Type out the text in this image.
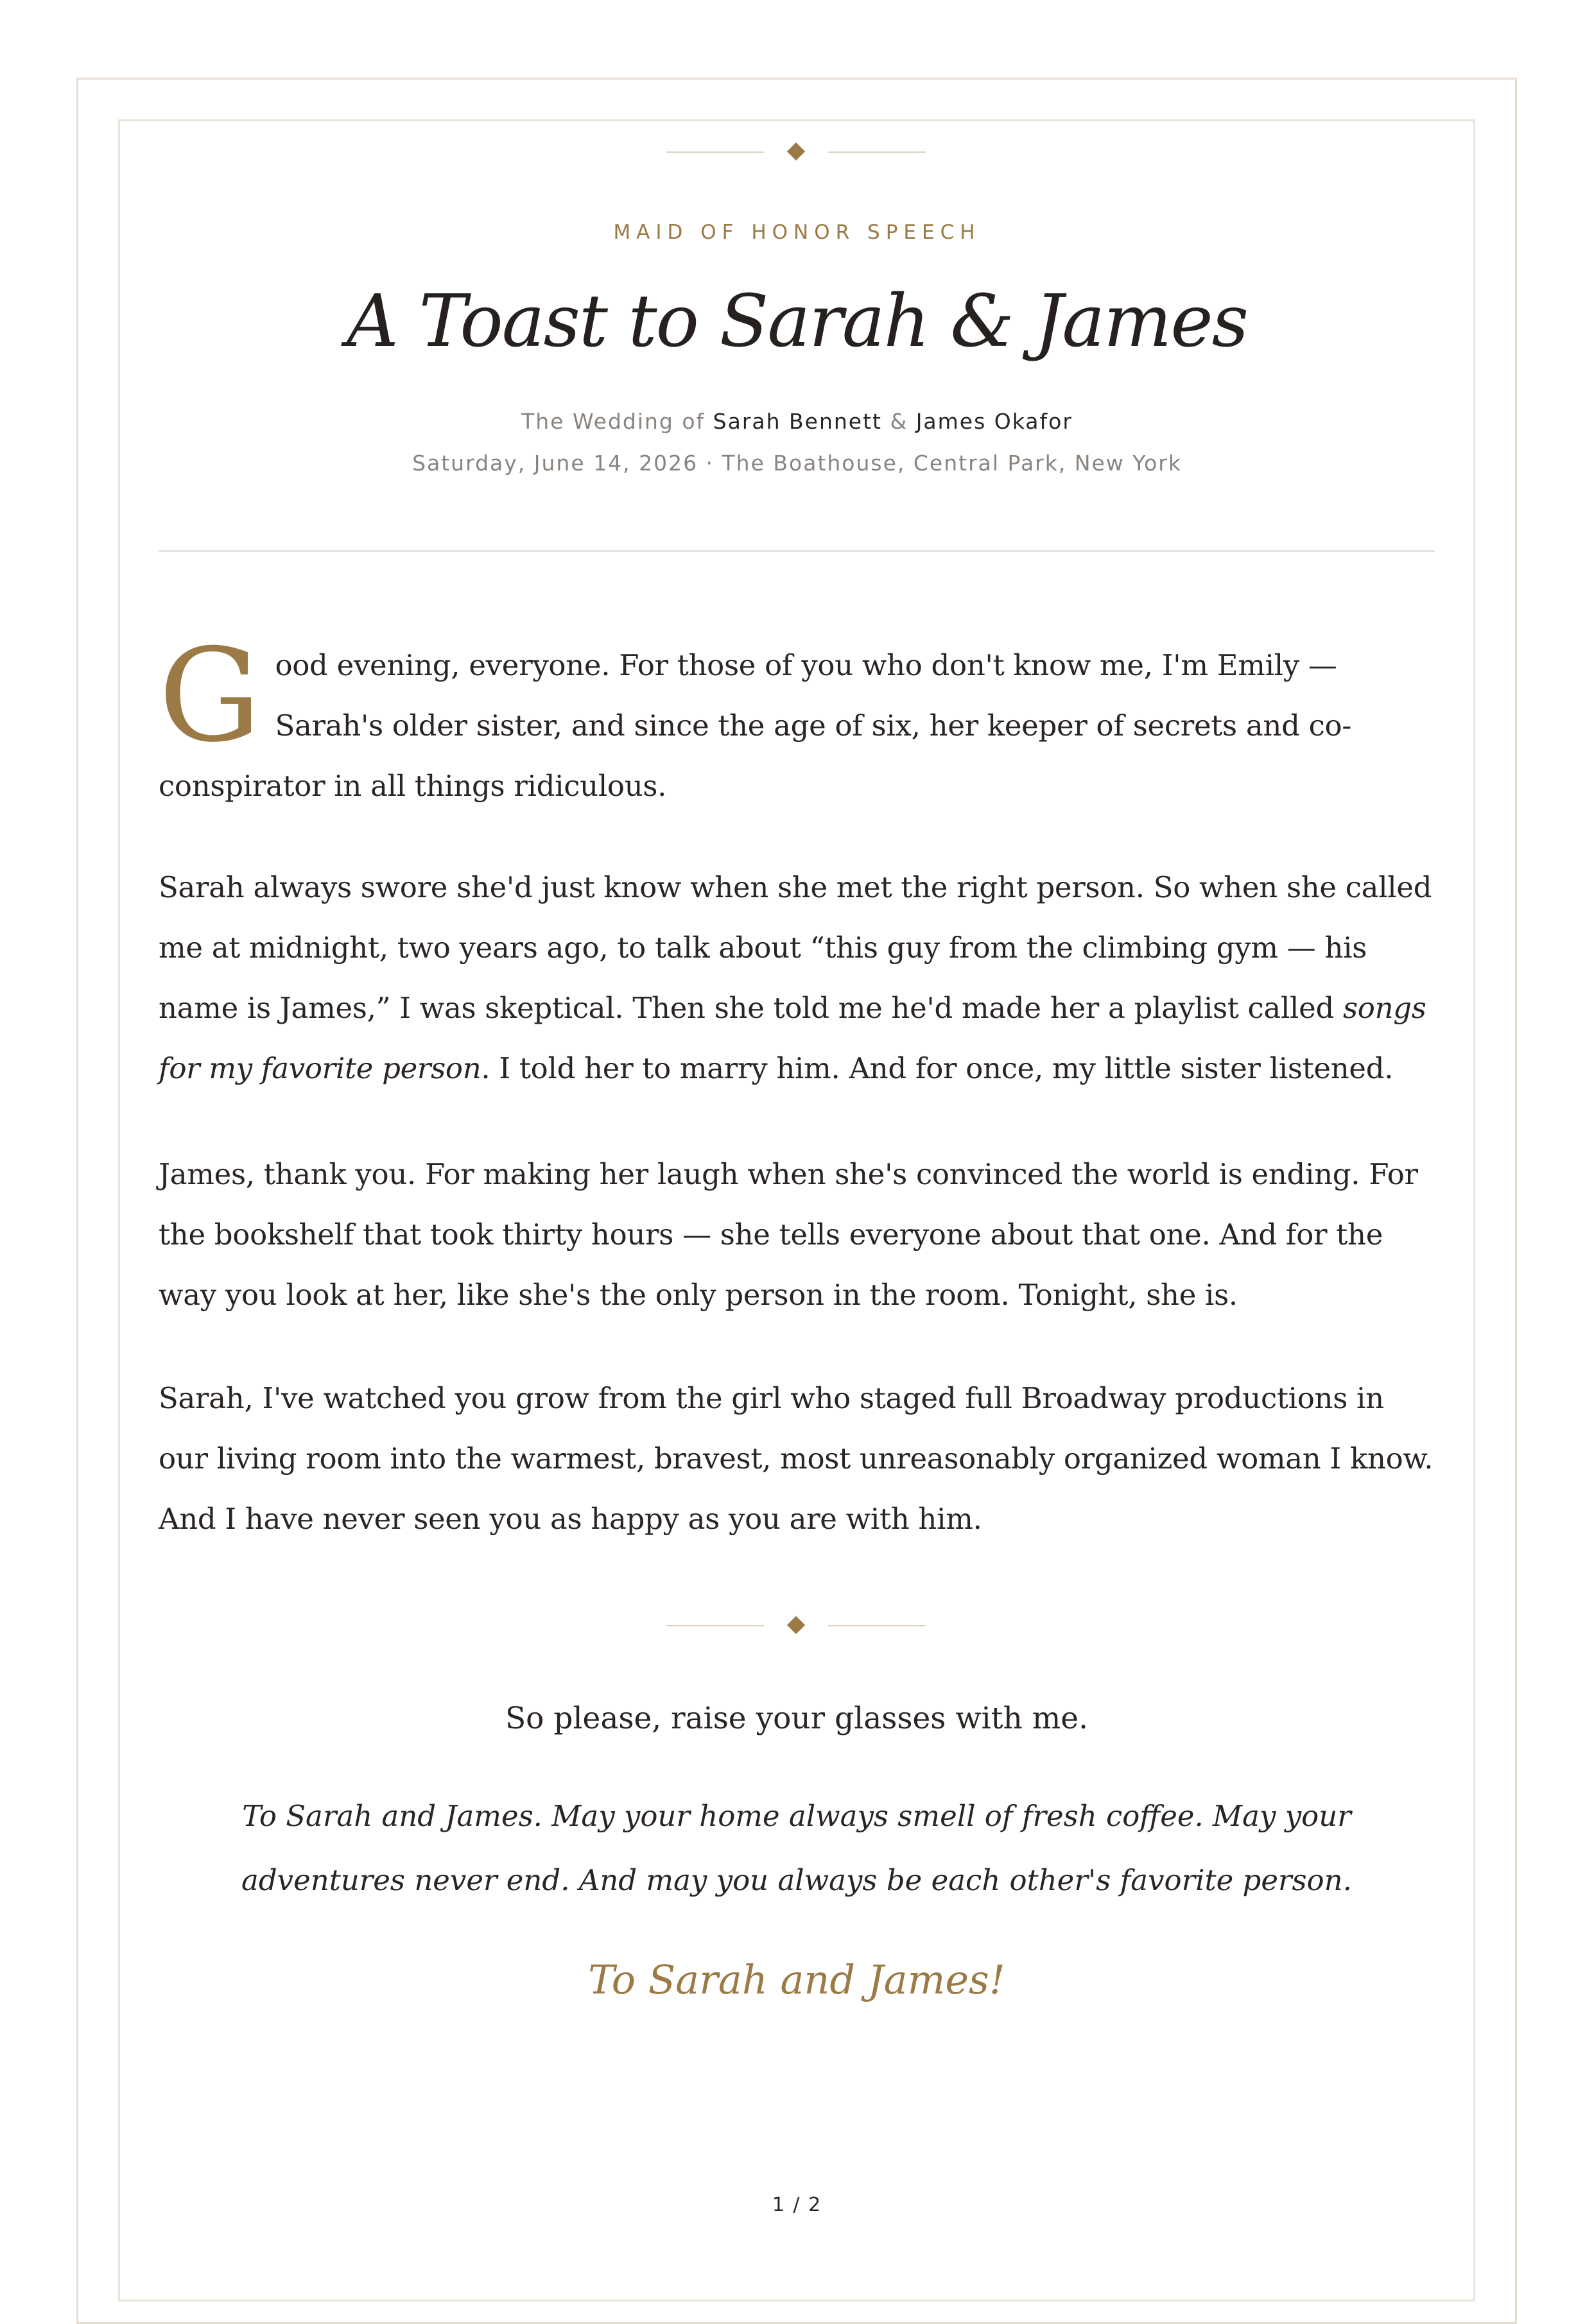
MAID OF HONOR SPEECH
A Toast to Sarah & James
The Wedding of Sarah Bennett & James Okafor
Saturday, June 14, 2026 · The Boathouse, Central Park, New York
Good evening, everyone. For those of you who don't know me, I'm Emily — Sarah's older sister, and since the age of six, her keeper of secrets and co-conspirator in all things ridiculous.
Sarah always swore she'd just know when she met the right person. So when she called me at midnight, two years ago, to talk about “this guy from the climbing gym — his name is James,” I was skeptical. Then she told me he'd made her a playlist called songs for my favorite person. I told her to marry him. And for once, my little sister listened.
James, thank you. For making her laugh when she's convinced the world is ending. For the bookshelf that took thirty hours — she tells everyone about that one. And for the way you look at her, like she's the only person in the room. Tonight, she is.
Sarah, I've watched you grow from the girl who staged full Broadway productions in our living room into the warmest, bravest, most unreasonably organized woman I know. And I have never seen you as happy as you are with him.
So please, raise your glasses with me.
To Sarah and James. May your home always smell of fresh coffee. May your adventures never end. And may you always be each other's favorite person.
To Sarah and James!
1 / 2
